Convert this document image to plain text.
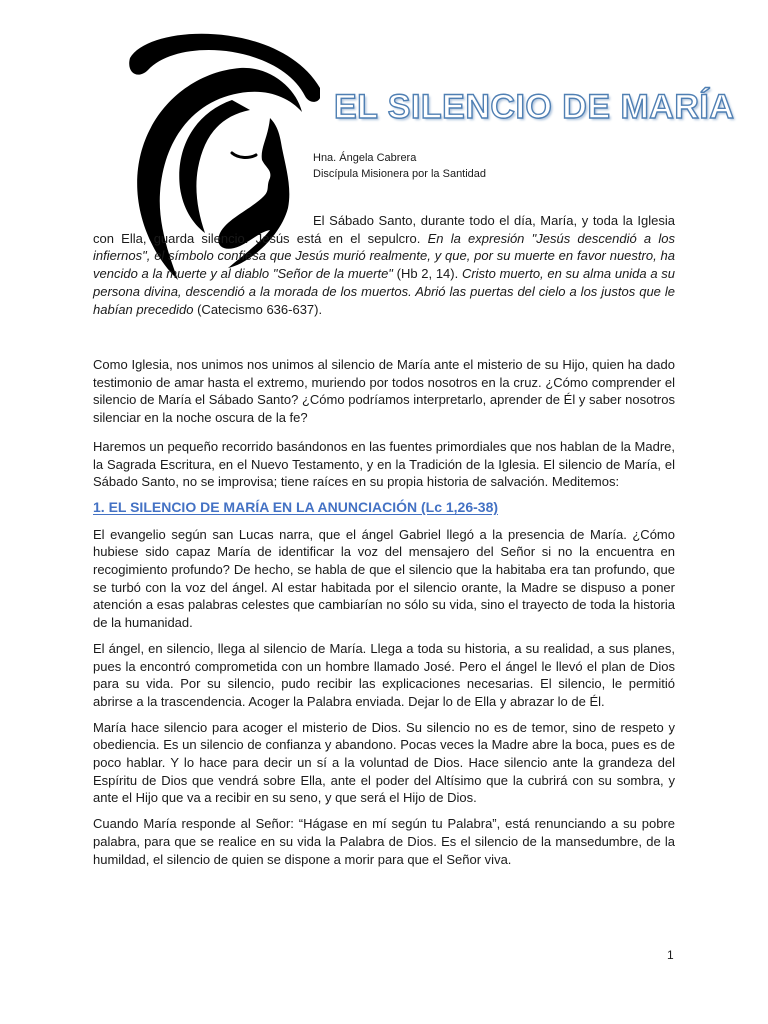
EL SILENCIO DE MARÍA
Hna. Ángela Cabrera
Discípula Misionera por la Santidad
El Sábado Santo, durante todo el día, María, y toda la Iglesia con Ella, guarda silencio. Jesús está en el sepulcro. En la expresión "Jesús descendió a los infiernos", el símbolo confiesa que Jesús murió realmente, y que, por su muerte en favor nuestro, ha vencido a la muerte y al diablo "Señor de la muerte" (Hb 2, 14). Cristo muerto, en su alma unida a su persona divina, descendió a la morada de los muertos. Abrió las puertas del cielo a los justos que le habían precedido (Catecismo 636-637).

Como Iglesia, nos unimos nos unimos al silencio de María ante el misterio de su Hijo, quien ha dado testimonio de amar hasta el extremo, muriendo por todos nosotros en la cruz. ¿Cómo comprender el silencio de María el Sábado Santo? ¿Cómo podríamos interpretarlo, aprender de Él y saber nosotros silenciar en la noche oscura de la fe?

Haremos un pequeño recorrido basándonos en las fuentes primordiales que nos hablan de la Madre, la Sagrada Escritura, en el Nuevo Testamento, y en la Tradición de la Iglesia. El silencio de María, el Sábado Santo, no se improvisa; tiene raíces en su propia historia de salvación. Meditemos:

1. EL SILENCIO DE MARÍA EN LA ANUNCIACIÓN (Lc 1,26-38)

El evangelio según san Lucas narra, que el ángel Gabriel llegó a la presencia de María. ¿Cómo hubiese sido capaz María de identificar la voz del mensajero del Señor si no la encuentra en recogimiento profundo? De hecho, se habla de que el silencio que la habitaba era tan profundo, que se turbó con la voz del ángel. Al estar habitada por el silencio orante, la Madre se dispuso a poner atención a esas palabras celestes que cambiarían no sólo su vida, sino el trayecto de toda la historia de la humanidad.

El ángel, en silencio, llega al silencio de María. Llega a toda su historia, a su realidad, a sus planes, pues la encontró comprometida con un hombre llamado José. Pero el ángel le llevó el plan de Dios para su vida. Por su silencio, pudo recibir las explicaciones necesarias. El silencio, le permitió abrirse a la trascendencia. Acoger la Palabra enviada. Dejar lo de Ella y abrazar lo de Él.

María hace silencio para acoger el misterio de Dios. Su silencio no es de temor, sino de respeto y obediencia. Es un silencio de confianza y abandono. Pocas veces la Madre abre la boca, pues es de poco hablar. Y lo hace para decir un sí a la voluntad de Dios. Hace silencio ante la grandeza del Espíritu de Dios que vendrá sobre Ella, ante el poder del Altísimo que la cubrirá con su sombra, y ante el Hijo que va a recibir en su seno, y que será el Hijo de Dios.

Cuando María responde al Señor: “Hágase en mí según tu Palabra”, está renunciando a su pobre palabra, para que se realice en su vida la Palabra de Dios. Es el silencio de la mansedumbre, de la humildad, el silencio de quien se dispone a morir para que el Señor viva.

1
